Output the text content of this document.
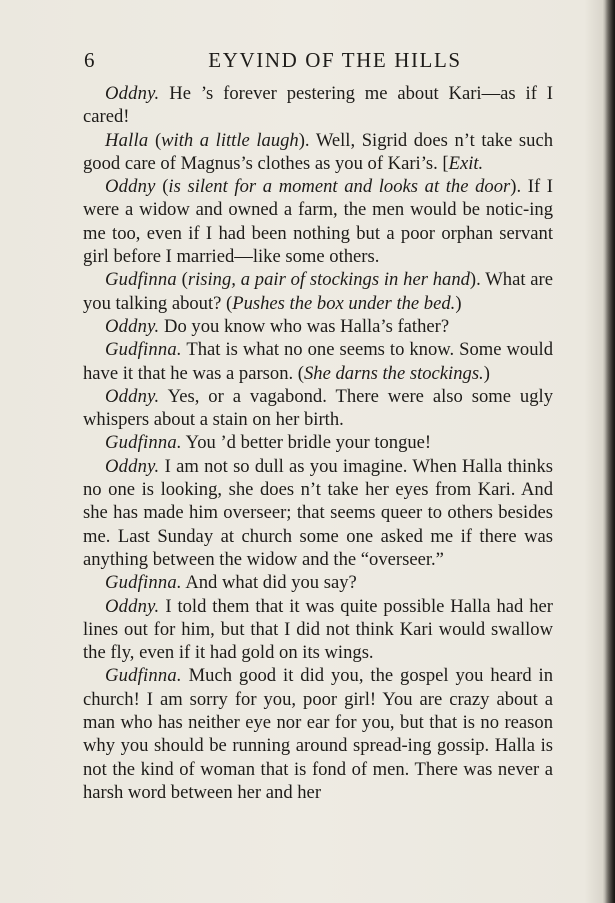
6	EYVIND OF THE HILLS

Oddny. He ’s forever pestering me about Kari—as if I cared!

Halla (with a little laugh). Well, Sigrid does n’t take such good care of Magnus’s clothes as you of Kari’s. [Exit.

Oddny (is silent for a moment and looks at the door). If I were a widow and owned a farm, the men would be notic-ing me too, even if I had been nothing but a poor orphan servant girl before I married—like some others.

Gudfinna (rising, a pair of stockings in her hand). What are you talking about? (Pushes the box under the bed.)

Oddny. Do you know who was Halla’s father?

Gudfinna. That is what no one seems to know. Some would have it that he was a parson. (She darns the stockings.)

Oddny. Yes, or a vagabond. There were also some ugly whispers about a stain on her birth.

Gudfinna. You ’d better bridle your tongue!

Oddny. I am not so dull as you imagine. When Halla thinks no one is looking, she does n’t take her eyes from Kari. And she has made him overseer; that seems queer to others besides me. Last Sunday at church some one asked me if there was anything between the widow and the “overseer.”

Gudfinna. And what did you say?

Oddny. I told them that it was quite possible Halla had her lines out for him, but that I did not think Kari would swallow the fly, even if it had gold on its wings.

Gudfinna. Much good it did you, the gospel you heard in church! I am sorry for you, poor girl! You are crazy about a man who has neither eye nor ear for you, but that is no reason why you should be running around spread-ing gossip. Halla is not the kind of woman that is fond of men. There was never a harsh word between her and her
